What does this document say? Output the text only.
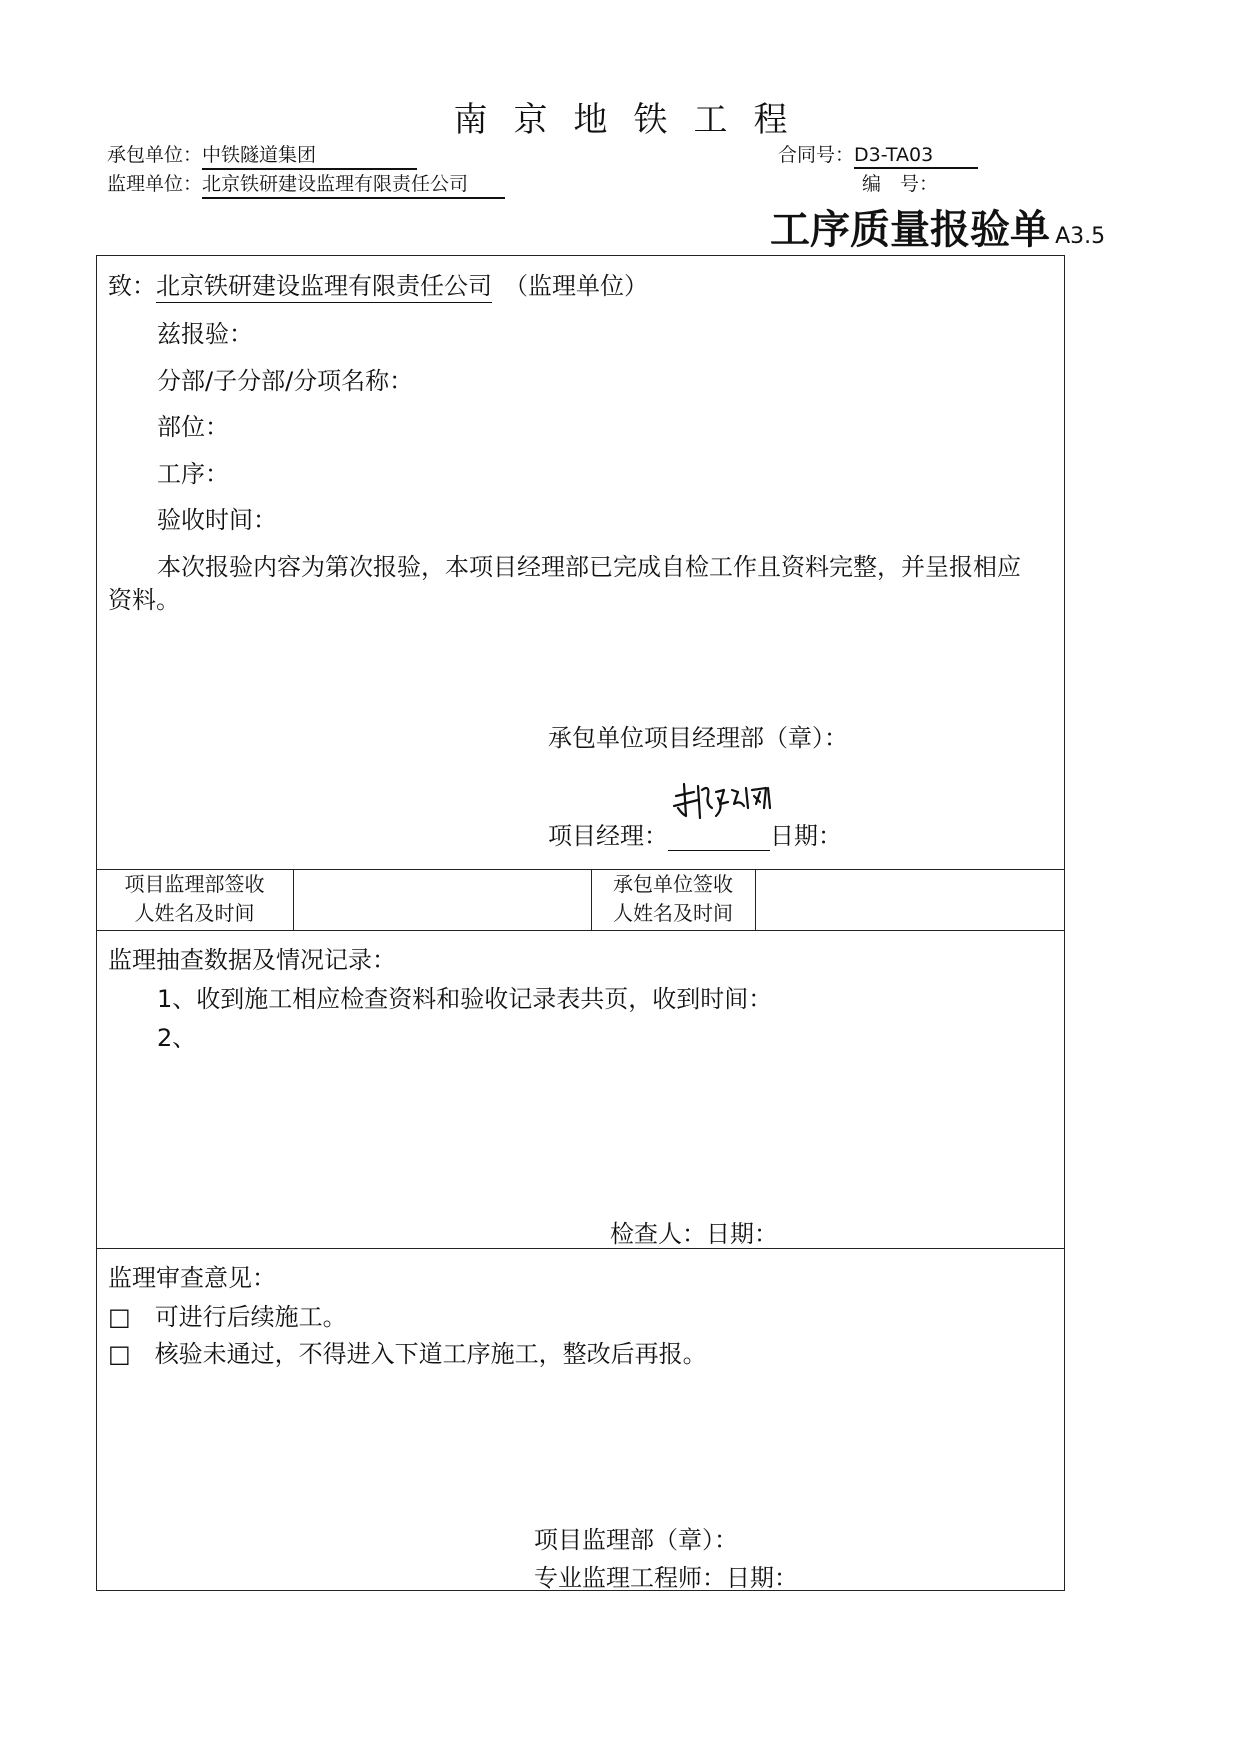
南京地铁工程
承包单位：中铁隧道集团
监理单位：北京铁研建设监理有限责任公司
合同号：D3-TA03
编　号：
工序质量报验单 A3.5
致：北京铁研建设监理有限责任公司 （监理单位）
兹报验：
分部/子分部/分项名称：
部位：
工序：
验收时间：
本次报验内容为第次报验，本项目经理部已完成自检工作且资料完整，并呈报相应
资料。
承包单位项目经理部（章）：
项目经理：	日期：
项目监理部签收
人姓名及时间
承包单位签收
人姓名及时间
监理抽查数据及情况记录：
1、收到施工相应检查资料和验收记录表共页，收到时间：
2、
检查人：日期：
监理审查意见：
□ 可进行后续施工。
□ 核验未通过，不得进入下道工序施工，整改后再报。
项目监理部（章）：
专业监理工程师：日期：
